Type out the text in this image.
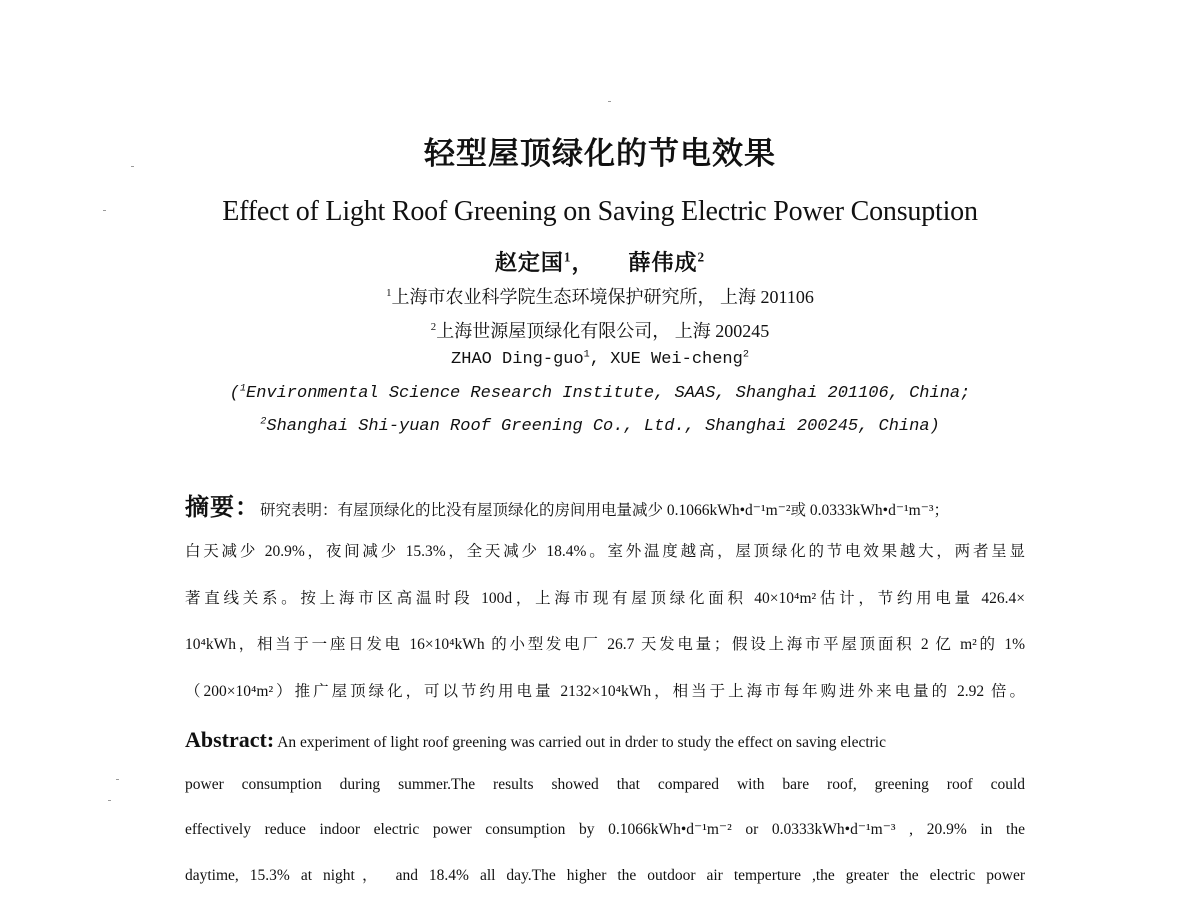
轻型屋顶绿化的节电效果
Effect of Light Roof Greening on Saving Electric Power Consuption
赵定国$^1$， 薛伟成$^2$
$^1$上海市农业科学院生态环境保护研究所， 上海 201106
$^2$上海世源屋顶绿化有限公司， 上海 200245
ZHAO Ding-guo$^1$, XUE Wei-cheng$^2$
($^1$Environmental Science Research Institute, SAAS, Shanghai 201106, China;
$^2$Shanghai Shi-yuan Roof Greening Co., Ltd., Shanghai 200245, China)
摘要：研究表明：有屋顶绿化的比没有屋顶绿化的房间用电量减少 0.1066kWh•d⁻¹m⁻²或 0.0333kWh•d⁻¹m⁻³；
白天减少 20.9%，夜间减少 15.3%，全天减少 18.4%。室外温度越高，屋顶绿化的节电效果越大，两者呈显
著直线关系。按上海市区高温时段 100d，上海市现有屋顶绿化面积 40×10⁴m²估计，节约用电量 426.4×
10⁴kWh，相当于一座日发电 16×10⁴kWh 的小型发电厂 26.7 天发电量；假设上海市平屋顶面积 2 亿 m²的 1%
（200×10⁴m²）推广屋顶绿化，可以节约用电量 2132×10⁴kWh，相当于上海市每年购进外来电量的 2.92 倍。
Abstract: An experiment of light roof greening was carried out in drder to study the effect on saving electric
power consumption during summer.The results showed that compared with bare roof, greening roof could
effectively reduce indoor electric power consumption by 0.1066kWh•d⁻¹m⁻² or 0.0333kWh•d⁻¹m⁻³ , 20.9% in the
daytime, 15.3% at night， and 18.4% all day.The higher the outdoor air temperture ,the greater the electric power
